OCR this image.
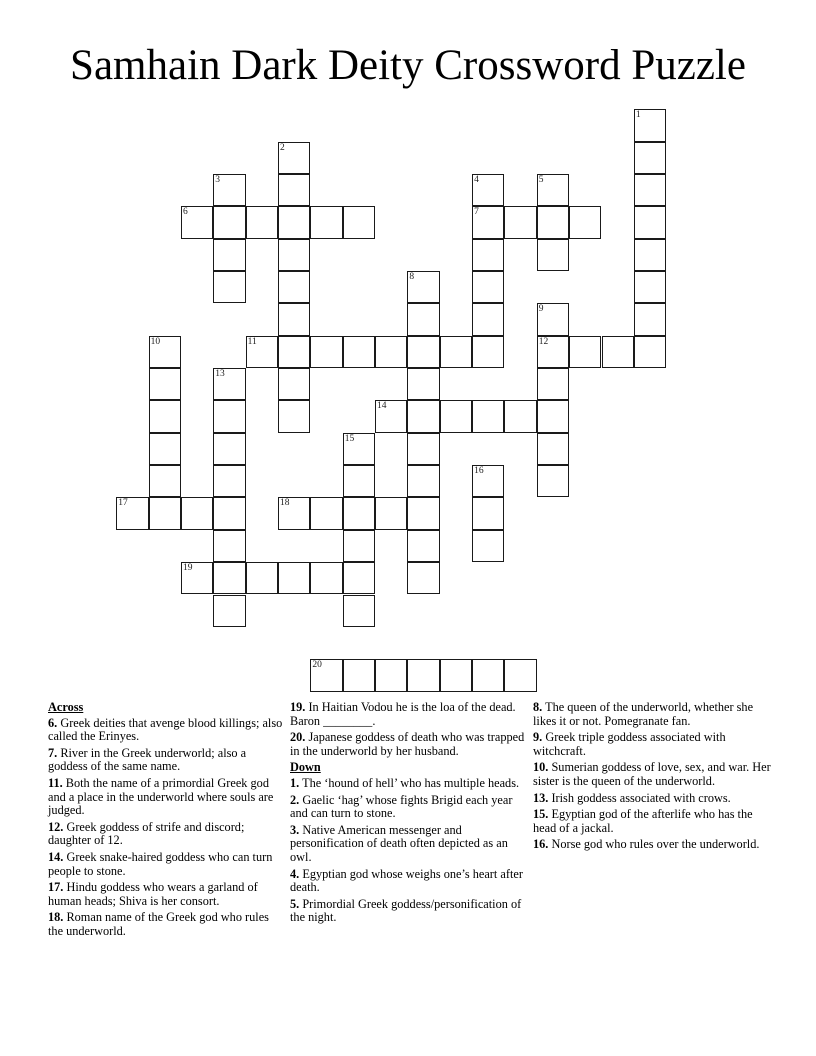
Samhain Dark Deity Crossword Puzzle
1
2
3	4
7
5
6
8
9
12
10	11
13
14
15
16
17	18
19
20
Across
6. Greek deities that avenge blood killings; also called the Erinyes.
7. River in the Greek underworld; also a goddess of the same name.
11. Both the name of a primordial Greek god and a place in the underworld where souls are judged.
12. Greek goddess of strife and discord; daughter of 12.
14. Greek snake-haired goddess who can turn people to stone.
17. Hindu goddess who wears a garland of human heads; Shiva is her consort.
18. Roman name of the Greek god who rules the underworld.
19. In Haitian Vodou he is the loa of the dead. Baron ________.
20. Japanese goddess of death who was trapped in the underworld by her husband.
Down
1. The ‘hound of hell’ who has multiple heads.
2. Gaelic ‘hag’ whose fights Brigid each year and can turn to stone.
3. Native American messenger and personification of death often depicted as an owl.
4. Egyptian god whose weighs one’s heart after death.
5. Primordial Greek goddess/personification of the night.
8. The queen of the underworld, whether she likes it or not. Pomegranate fan.
9. Greek triple goddess associated with witchcraft.
10. Sumerian goddess of love, sex, and war. Her sister is the queen of the underworld.
13. Irish goddess associated with crows.
15. Egyptian god of the afterlife who has the head of a jackal.
16. Norse god who rules over the underworld.
